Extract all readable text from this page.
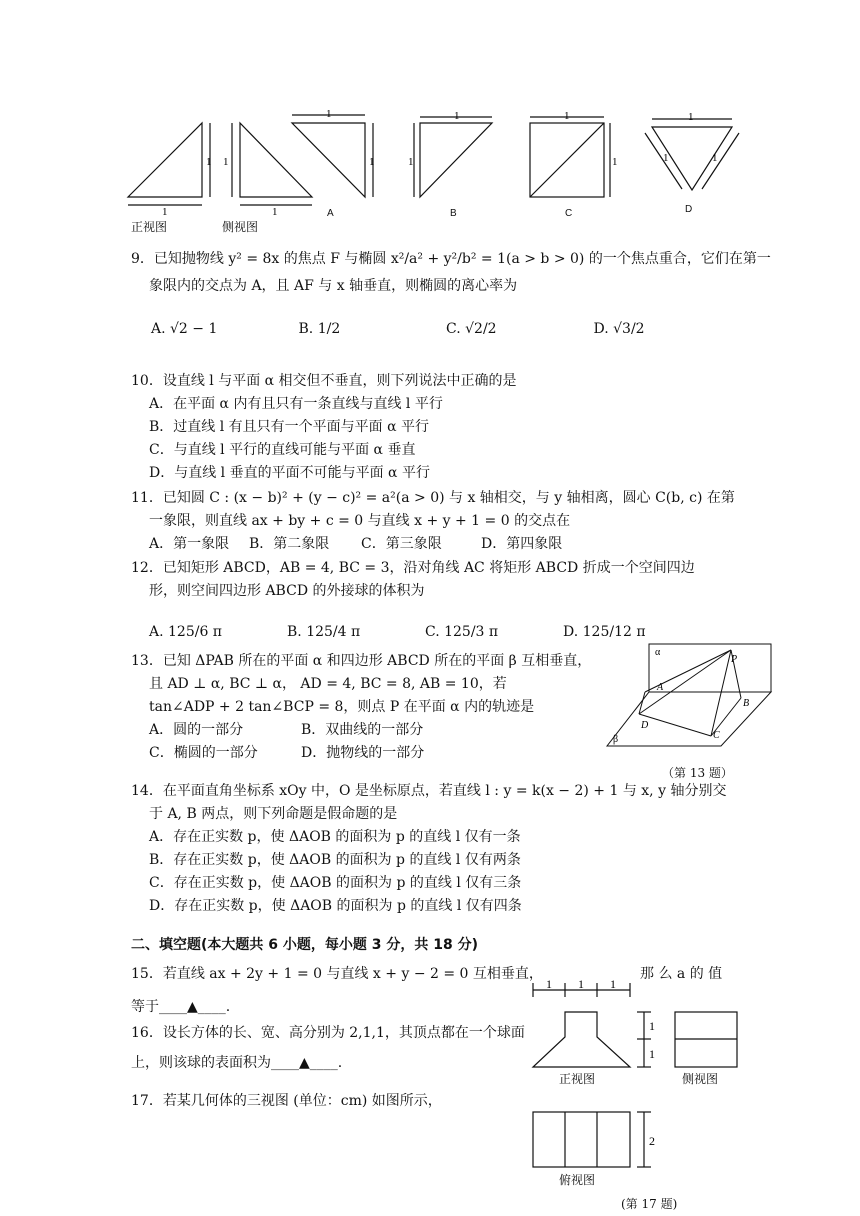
1
1
1
1
1
1
1
1
1
1
1
1	1
正视图	侧视图
A	B	C	D
9．已知抛物线 y² = 8x 的焦点 F 与椭圆 x²/a² + y²/b² = 1(a > b > 0) 的一个焦点重合，它们在第一
象限内的交点为 A，且 AF 与 x 轴垂直，则椭圆的离心率为
A. √2 − 1	B. 1/2	C. √2/2	D. √3/2
10．设直线 l 与平面 α 相交但不垂直，则下列说法中正确的是
A．在平面 α 内有且只有一条直线与直线 l 平行
B．过直线 l 有且只有一个平面与平面 α 平行
C．与直线 l 平行的直线可能与平面 α 垂直
D．与直线 l 垂直的平面不可能与平面 α 平行
11．已知圆 C : (x − b)² + (y − c)² = a²(a > 0) 与 x 轴相交，与 y 轴相离，圆心 C(b, c) 在第
一象限，则直线 ax + by + c = 0 与直线 x + y + 1 = 0 的交点在
A．第一象限	B．第二象限	C．第三象限	D．第四象限
12．已知矩形 ABCD，AB = 4, BC = 3，沿对角线 AC 将矩形 ABCD 折成一个空间四边
形，则空间四边形 ABCD 的外接球的体积为
A. 125/6 π	B. 125/4 π	C. 125/3 π	D. 125/12 π
13．已知 ΔPAB 所在的平面 α 和四边形 ABCD 所在的平面 β 互相垂直，
且 AD ⊥ α, BC ⊥ α， AD = 4, BC = 8, AB = 10，若
tan∠ADP + 2 tan∠BCP = 8，则点 P 在平面 α 内的轨迹是
A．圆的一部分	B．双曲线的一部分
C．椭圆的一部分	D．抛物线的一部分
α
β
P
A
B
C
D
（第 13 题）
14．在平面直角坐标系 xOy 中，O 是坐标原点，若直线 l : y = k(x − 2) + 1 与 x, y 轴分别交
于 A, B 两点，则下列命题是假命题的是
A．存在正实数 p，使 ΔAOB 的面积为 p 的直线 l 仅有一条
B．存在正实数 p，使 ΔAOB 的面积为 p 的直线 l 仅有两条
C．存在正实数 p，使 ΔAOB 的面积为 p 的直线 l 仅有三条
D．存在正实数 p，使 ΔAOB 的面积为 p 的直线 l 仅有四条
二、填空题(本大题共 6 小题，每小题 3 分，共 18 分)
15．若直线 ax + 2y + 1 = 0 与直线 x + y − 2 = 0 互相垂直，	那 么 a 的 值
等于____▲____.
16．设长方体的长、宽、高分别为 2,1,1，其顶点都在一个球面
上，则该球的表面积为____▲____.
17．若某几何体的三视图 (单位：cm) 如图所示，
1 1 1
1
1
2
正视图	侧视图
俯视图
(第 17 题)
